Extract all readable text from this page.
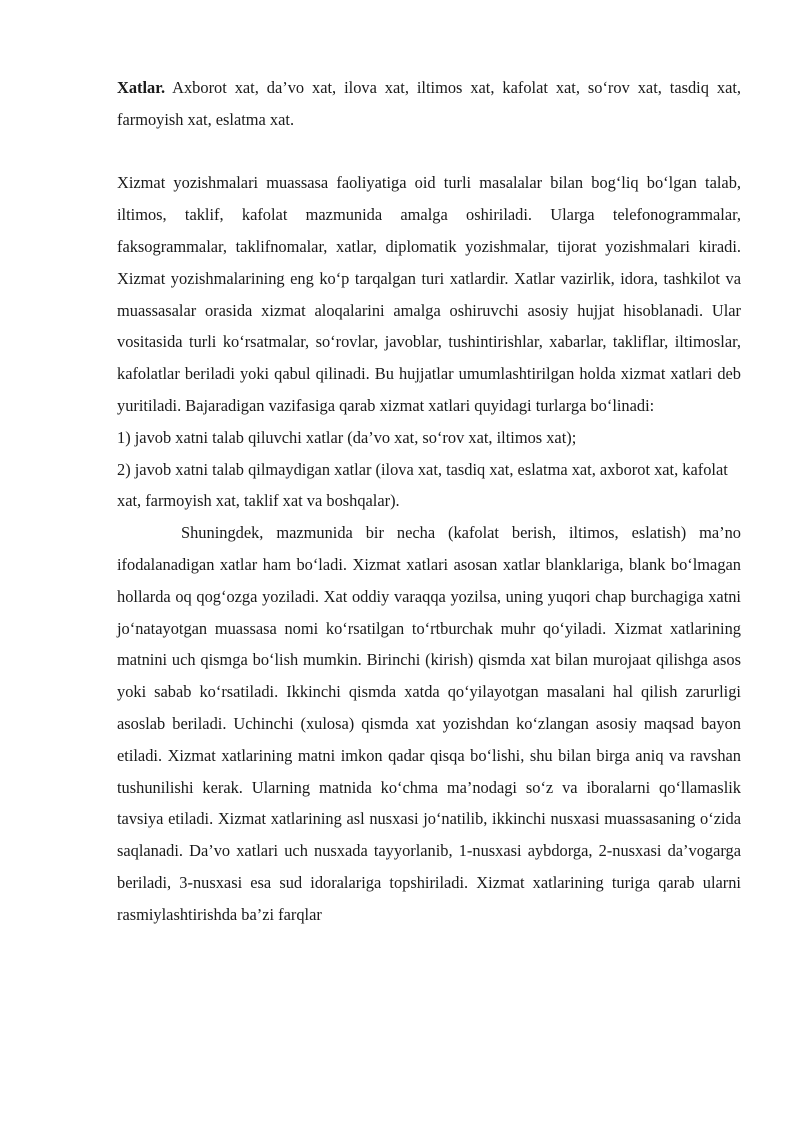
Xatlar. Axborot xat, da’vo xat, ilova xat, iltimos xat, kafolat xat, so‘rov xat, tasdiq xat, farmoyish xat, eslatma xat.

Xizmat yozishmalari muassasa faoliyatiga oid turli masalalar bilan bog‘liq bo‘lgan talab, iltimos, taklif, kafolat mazmunida amalga oshiriladi. Ularga telefonogrammalar, faksogrammalar, taklifnomalar, xatlar, diplomatik yozishmalar, tijorat yozishmalari kiradi. Xizmat yozishmalarining eng ko‘p tarqalgan turi xatlardir. Xatlar vazirlik, idora, tashkilot va muassasalar orasida xizmat aloqalarini amalga oshiruvchi asosiy hujjat hisoblanadi. Ular vositasida turli ko‘rsatmalar, so‘rovlar, javoblar, tushintirishlar, xabarlar, takliflar, iltimoslar, kafolatlar beriladi yoki qabul qilinadi. Bu hujjatlar umumlashtirilgan holda xizmat xatlari deb yuritiladi. Bajaradigan vazifasiga qarab xizmat xatlari quyidagi turlarga bo‘linadi:

1) javob xatni talab qiluvchi xatlar (da’vo xat, so‘rov xat, iltimos xat);

2) javob xatni talab qilmaydigan xatlar (ilova xat, tasdiq xat, eslatma xat, axborot xat, kafolat xat, farmoyish xat, taklif xat va boshqalar).

Shuningdek, mazmunida bir necha (kafolat berish, iltimos, eslatish) ma’no ifodalanadigan xatlar ham bo‘ladi. Xizmat xatlari asosan xatlar blanklariga, blank bo‘lmagan hollarda oq qog‘ozga yoziladi. Xat oddiy varaqqa yozilsa, uning yuqori chap burchagiga xatni jo‘natayotgan muassasa nomi ko‘rsatilgan to‘rtburchak muhr qo‘yiladi. Xizmat xatlarining matnini uch qismga bo‘lish mumkin. Birinchi (kirish) qismda xat bilan murojaat qilishga asos yoki sabab ko‘rsatiladi. Ikkinchi qismda xatda qo‘yilayotgan masalani hal qilish zarurligi asoslab beriladi. Uchinchi (xulosa) qismda xat yozishdan ko‘zlangan asosiy maqsad bayon etiladi. Xizmat xatlarining matni imkon qadar qisqa bo‘lishi, shu bilan birga aniq va ravshan tushunilishi kerak. Ularning matnida ko‘chma ma’nodagi so‘z va iboralarni qo‘llamaslik tavsiya etiladi. Xizmat xatlarining asl nusxasi jo‘natilib, ikkinchi nusxasi muassasaning o‘zida saqlanadi. Da’vo xatlari uch nusxada tayyorlanib, 1-nusxasi aybdorga, 2-nusxasi da’vogarga beriladi, 3-nusxasi esa sud idoralariga topshiriladi. Xizmat xatlarining turiga qarab ularni rasmiylashtirishda ba’zi farqlar
